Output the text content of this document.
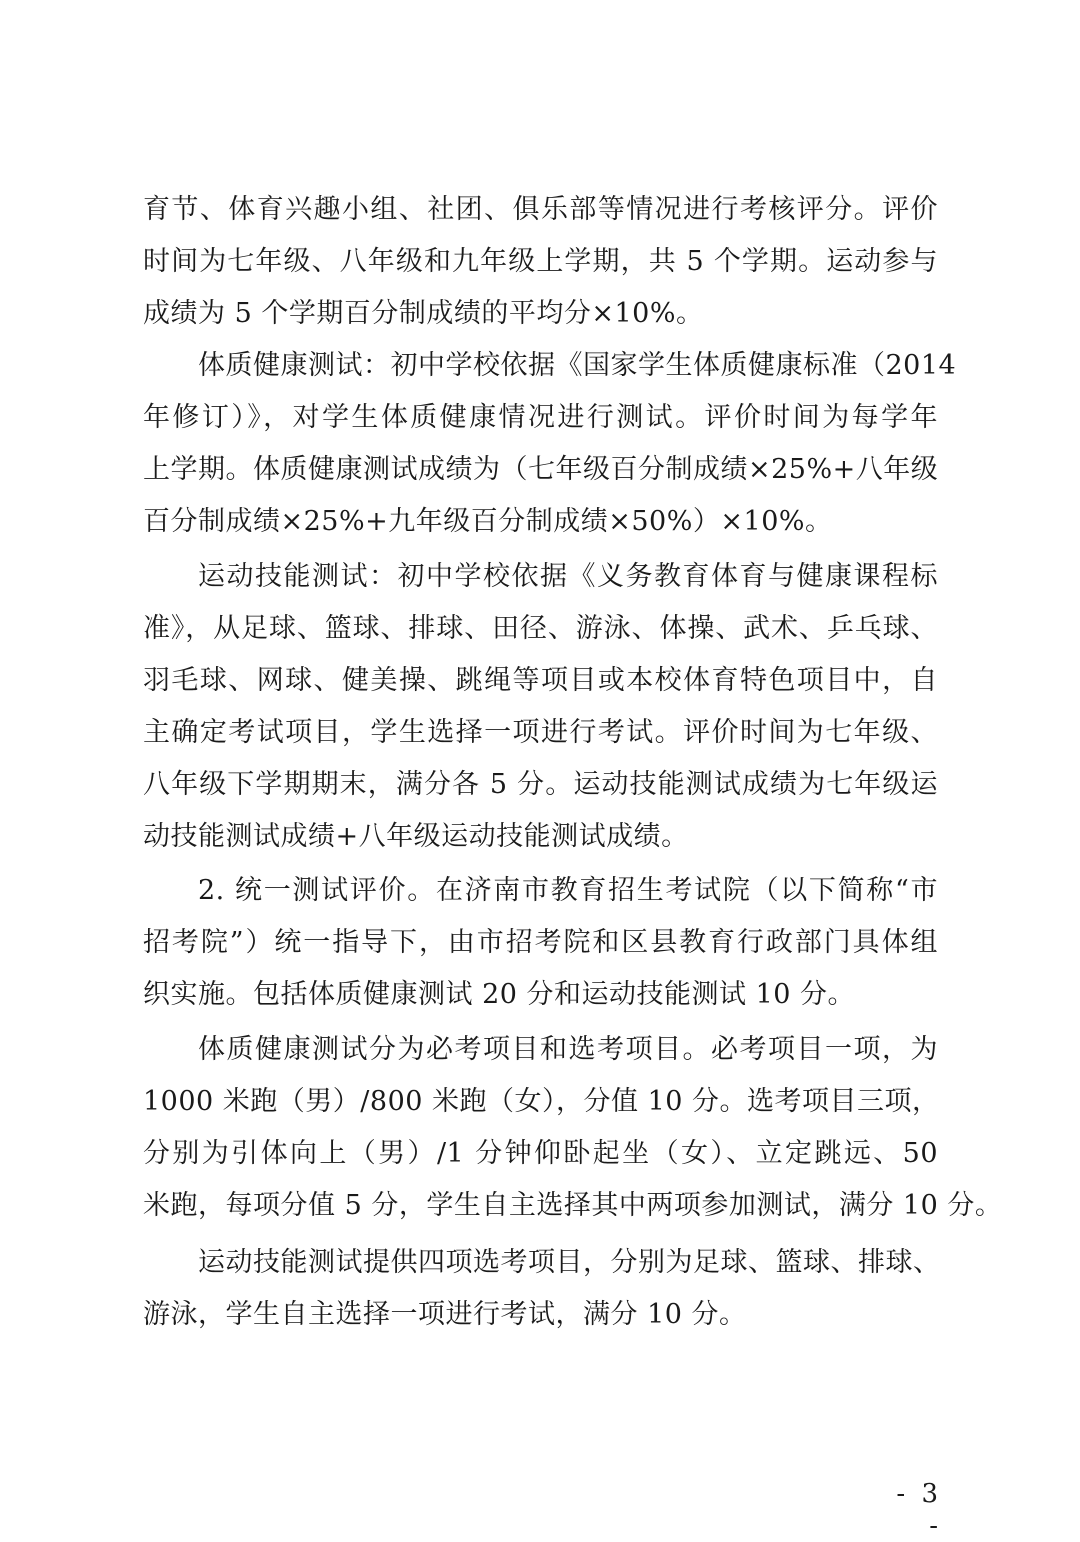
育节、体育兴趣小组、社团、俱乐部等情况进行考核评分。评价
时间为七年级、八年级和九年级上学期，共 5 个学期。运动参与
成绩为 5 个学期百分制成绩的平均分×10%。
体质健康测试：初中学校依据《国家学生体质健康标准（2014
年修订）》，对学生体质健康情况进行测试。评价时间为每学年
上学期。体质健康测试成绩为（七年级百分制成绩×25%+八年级
百分制成绩×25%+九年级百分制成绩×50%）×10%。
运动技能测试：初中学校依据《义务教育体育与健康课程标
准》，从足球、篮球、排球、田径、游泳、体操、武术、乒乓球、
羽毛球、网球、健美操、跳绳等项目或本校体育特色项目中，自
主确定考试项目，学生选择一项进行考试。评价时间为七年级、
八年级下学期期末，满分各 5 分。运动技能测试成绩为七年级运
动技能测试成绩+八年级运动技能测试成绩。
2. 统一测试评价。在济南市教育招生考试院（以下简称“市
招考院”）统一指导下，由市招考院和区县教育行政部门具体组
织实施。包括体质健康测试 20 分和运动技能测试 10 分。
体质健康测试分为必考项目和选考项目。必考项目一项，为
1000 米跑（男）/800 米跑（女），分值 10 分。选考项目三项，
分别为引体向上（男）/1 分钟仰卧起坐（女）、立定跳远、50
米跑，每项分值 5 分，学生自主选择其中两项参加测试，满分 10 分。
运动技能测试提供四项选考项目，分别为足球、篮球、排球、
游泳，学生自主选择一项进行考试，满分 10 分。
- 3 -
